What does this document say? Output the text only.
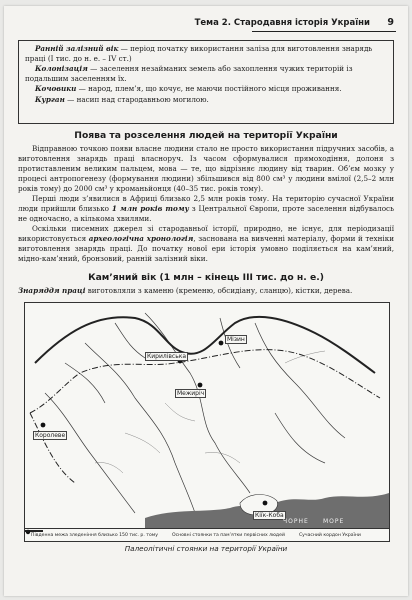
Тема 2. Стародавня історія України 9

Ранній залізний вік — період початку використання заліза для виготовлення знарядь праці (І тис. до н. е. – IV ст.)

Колонізація — заселення незайманих земель або захоплення чужих територій із подальшим заселенням їх.

Кочовики — народ, плем’я, що кочує, не маючи постійного місця проживання.

Курган — насип над стародавньою могилою.

Поява та розселення людей на території України

Відправною точкою появи власне людини стало не просто використання підручних засобів, а виготовлення знарядь праці власноруч. Із часом сформувалися прямоходіння, долоня з протиставленим великим пальцем, мова — те, що відрізняє людину від тварин. Об’єм мозку у процесі антропогенезу (формування людини) збільшився від 800 см³ у людини вмілої (2,5–2 млн років тому) до 2000 см³ у кроманьйонця (40–35 тис. років тому).

Перші люди з’явилися в Африці близько 2,5 млн років тому. На територію сучасної України люди прийшли близько 1 млн років тому з Центральної Європи, проте заселення відбувалось не одночасно, а кількома хвилями.

Оскільки писемних джерел зі стародавньої історії, природно, не існує, для періодизації використовується археологічна хронологія, заснована на вивченні матеріалу, форми й техніки виготовлення знарядь праці. До початку нової ери історія умовно поділяється на кам’яний, мідно-кам’яний, бронзовий, ранній залізний віки.

Кам’яний вік (1 млн – кінець ІІІ тис. до н. е.)

Знаряддя праці виготовляли з каменю (кременю, обсидіану, сланцю), кістки, дерева.

Мізин
Кирилівська
Межиріч
Королеве
Кіїк-Коба
ЧОРНЕ МОРЕ
Південна межа зледеніння близько 150 тис. р. тому	Основні стоянки та пам’ятки первісних людей	Сучасний кордон України
Палеолітичні стоянки на території України
